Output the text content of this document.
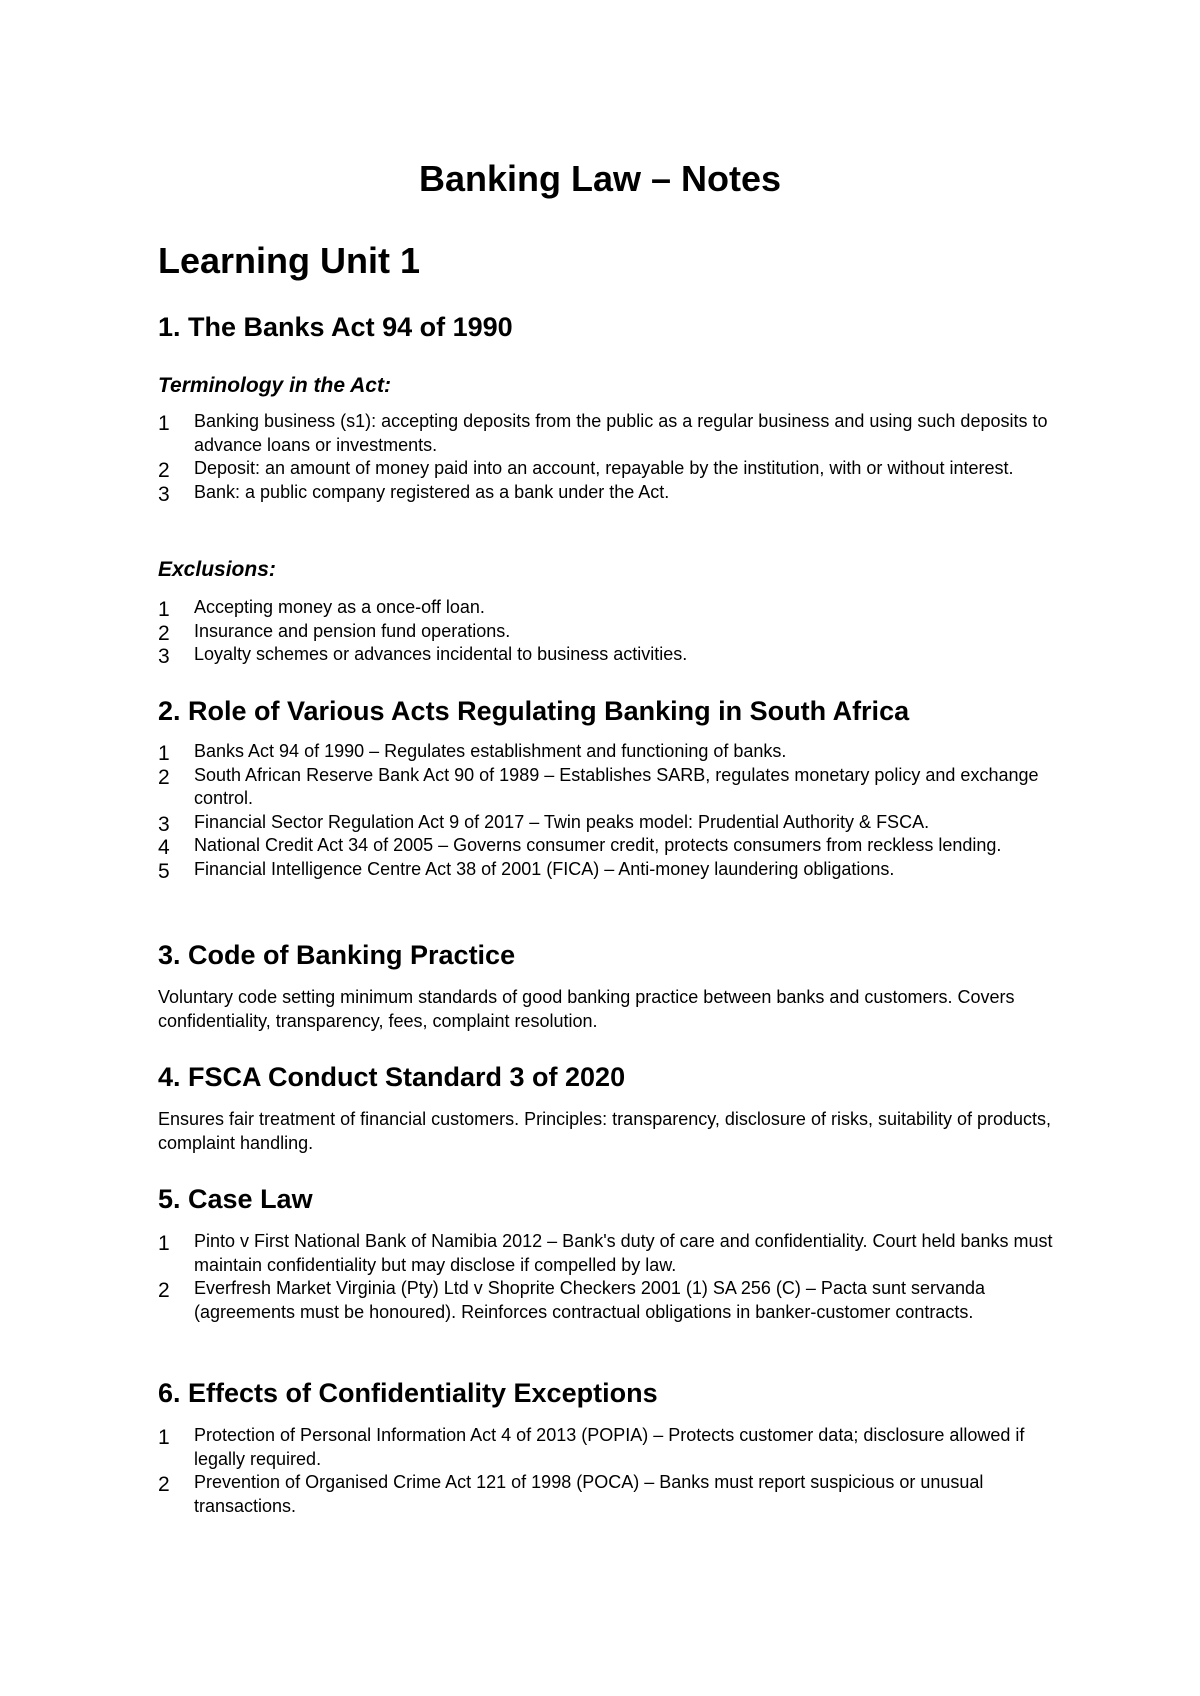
Banking Law – Notes
Learning Unit 1
1. The Banks Act 94 of 1990
Terminology in the Act:
1 Banking business (s1): accepting deposits from the public as a regular business and using such deposits to advance loans or investments.
2 Deposit: an amount of money paid into an account, repayable by the institution, with or without interest.
3 Bank: a public company registered as a bank under the Act.
Exclusions:
1 Accepting money as a once-off loan.
2 Insurance and pension fund operations.
3 Loyalty schemes or advances incidental to business activities.
2. Role of Various Acts Regulating Banking in South Africa
1 Banks Act 94 of 1990 – Regulates establishment and functioning of banks.
2 South African Reserve Bank Act 90 of 1989 – Establishes SARB, regulates monetary policy and exchange control.
3 Financial Sector Regulation Act 9 of 2017 – Twin peaks model: Prudential Authority & FSCA.
4 National Credit Act 34 of 2005 – Governs consumer credit, protects consumers from reckless lending.
5 Financial Intelligence Centre Act 38 of 2001 (FICA) – Anti-money laundering obligations.
3. Code of Banking Practice

Voluntary code setting minimum standards of good banking practice between banks and customers. Covers confidentiality, transparency, fees, complaint resolution.

4. FSCA Conduct Standard 3 of 2020

Ensures fair treatment of financial customers. Principles: transparency, disclosure of risks, suitability of products, complaint handling.

5. Case Law
1 Pinto v First National Bank of Namibia 2012 – Bank's duty of care and confidentiality. Court held banks must maintain confidentiality but may disclose if compelled by law.
2 Everfresh Market Virginia (Pty) Ltd v Shoprite Checkers 2001 (1) SA 256 (C) – Pacta sunt servanda (agreements must be honoured). Reinforces contractual obligations in banker-customer contracts.
6. Effects of Confidentiality Exceptions
1 Protection of Personal Information Act 4 of 2013 (POPIA) – Protects customer data; disclosure allowed if legally required.
2 Prevention of Organised Crime Act 121 of 1998 (POCA) – Banks must report suspicious or unusual transactions.
